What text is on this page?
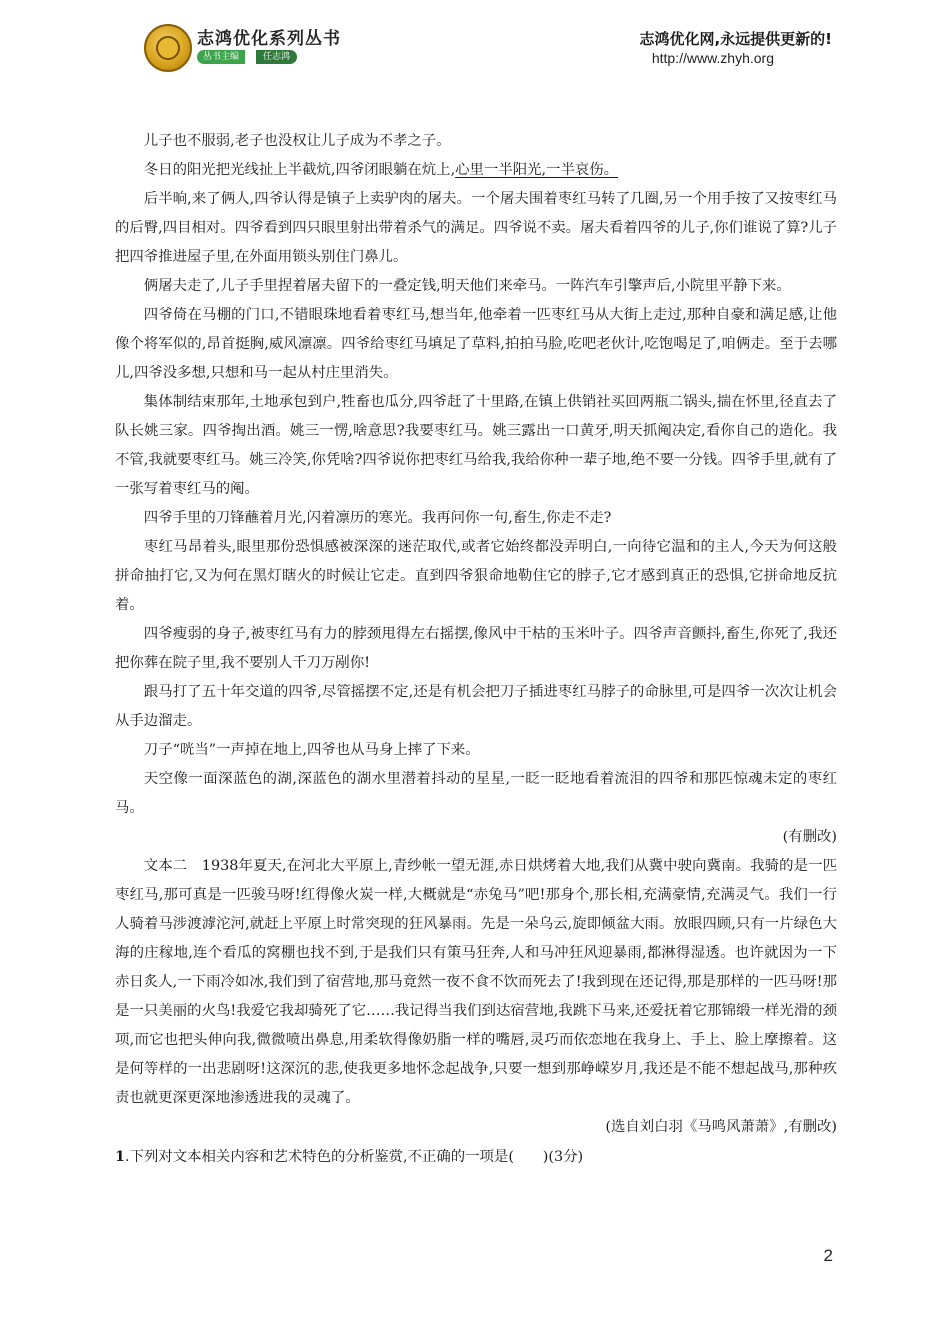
志鸿优化系列丛书
丛书主编	任志鸿
志鸿优化网,永远提供更新的!
http://www.zhyh.org

儿子也不服弱,老子也没权让儿子成为不孝之子。

冬日的阳光把光线扯上半截炕,四爷闭眼躺在炕上,心里一半阳光,一半哀伤。

后半晌,来了俩人,四爷认得是镇子上卖驴肉的屠夫。一个屠夫围着枣红马转了几圈,另一个用手按了又按枣红马的后臀,四目相对。四爷看到四只眼里射出带着杀气的满足。四爷说不卖。屠夫看着四爷的儿子,你们谁说了算?儿子把四爷推进屋子里,在外面用锁头别住门鼻儿。

俩屠夫走了,儿子手里捏着屠夫留下的一叠定钱,明天他们来牵马。一阵汽车引擎声后,小院里平静下来。

四爷倚在马棚的门口,不错眼珠地看着枣红马,想当年,他牵着一匹枣红马从大街上走过,那种自豪和满足感,让他像个将军似的,昂首挺胸,威风凛凛。四爷给枣红马填足了草料,拍拍马脸,吃吧老伙计,吃饱喝足了,咱俩走。至于去哪儿,四爷没多想,只想和马一起从村庄里消失。

集体制结束那年,土地承包到户,牲畜也瓜分,四爷赶了十里路,在镇上供销社买回两瓶二锅头,揣在怀里,径直去了队长姚三家。四爷掏出酒。姚三一愣,啥意思?我要枣红马。姚三露出一口黄牙,明天抓阄决定,看你自己的造化。我不管,我就要枣红马。姚三冷笑,你凭啥?四爷说你把枣红马给我,我给你种一辈子地,绝不要一分钱。四爷手里,就有了一张写着枣红马的阄。

四爷手里的刀锋蘸着月光,闪着凛历的寒光。我再问你一句,畜生,你走不走?

枣红马昂着头,眼里那份恐惧感被深深的迷茫取代,或者它始终都没弄明白,一向待它温和的主人,今天为何这般拼命抽打它,又为何在黑灯瞎火的时候让它走。直到四爷狠命地勒住它的脖子,它才感到真正的恐惧,它拼命地反抗着。

四爷瘦弱的身子,被枣红马有力的脖颈甩得左右摇摆,像风中干枯的玉米叶子。四爷声音颤抖,畜生,你死了,我还把你葬在院子里,我不要别人千刀万剐你!

跟马打了五十年交道的四爷,尽管摇摆不定,还是有机会把刀子插进枣红马脖子的命脉里,可是四爷一次次让机会从手边溜走。

刀子“咣当”一声掉在地上,四爷也从马身上摔了下来。

天空像一面深蓝色的湖,深蓝色的湖水里潜着抖动的星星,一眨一眨地看着流泪的四爷和那匹惊魂未定的枣红马。

(有删改)

文本二　 1938年夏天,在河北大平原上,青纱帐一望无涯,赤日烘烤着大地,我们从冀中驶向冀南。我骑的是一匹枣红马,那可真是一匹骏马呀!红得像火炭一样,大概就是“赤兔马”吧!那身个,那长相,充满豪情,充满灵气。我们一行人骑着马涉渡滹沱河,就赶上平原上时常突现的狂风暴雨。先是一朵乌云,旋即倾盆大雨。放眼四顾,只有一片绿色大海的庄稼地,连个看瓜的窝棚也找不到,于是我们只有策马狂奔,人和马冲狂风迎暴雨,都淋得湿透。也许就因为一下赤日炙人,一下雨冷如冰,我们到了宿营地,那马竟然一夜不食不饮而死去了!我到现在还记得,那是那样的一匹马呀!那是一只美丽的火鸟!我爱它我却骑死了它……我记得当我们到达宿营地,我跳下马来,还爱抚着它那锦缎一样光滑的颈项,而它也把头伸向我,微微喷出鼻息,用柔软得像奶脂一样的嘴唇,灵巧而依恋地在我身上、手上、脸上摩擦着。这是何等样的一出悲剧呀!这深沉的悲,使我更多地怀念起战争,只要一想到那峥嵘岁月,我还是不能不想起战马,那种疚责也就更深更深地渗透进我的灵魂了。

(选自刘白羽《马鸣风萧萧》,有删改)

1.下列对文本相关内容和艺术特色的分析鉴赏,不正确的一项是(　　)(3分)

2
